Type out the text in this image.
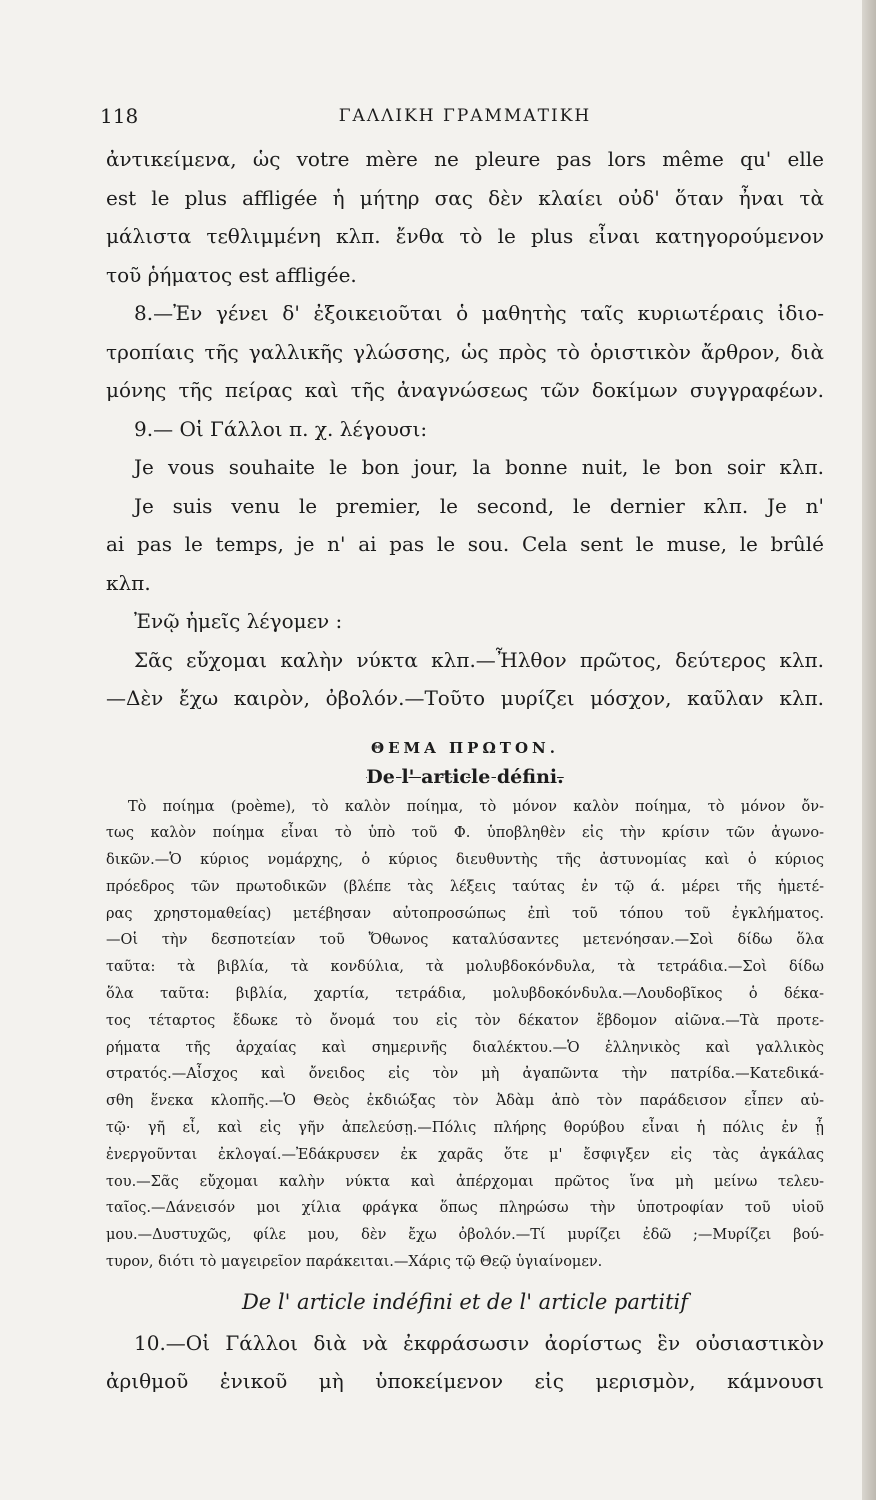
118	ΓΑΛΛΙΚΗ ΓΡΑΜΜΑΤΙΚΗ
ἀντικείμενα, ὡς votre mère ne pleure pas lors même qu' elle
est le plus affligée ἡ μήτηρ σας δὲν κλαίει οὐδ' ὅταν ἦναι τὰ
μάλιστα τεθλιμμένη κλπ. ἔνθα τὸ le plus εἶναι κατηγορούμενον
τοῦ ῥήματος est affligée.
8.—Ἐν γένει δ' ἐξοικειοῦται ὁ μαθητὴς ταῖς κυριωτέραις ἰδιο-
τροπίαις τῆς γαλλικῆς γλώσσης, ὡς πρὸς τὸ ὁριστικὸν ἄρθρον, διὰ
μόνης τῆς πείρας καὶ τῆς ἀναγνώσεως τῶν δοκίμων συγγραφέων.
9.— Οἱ Γάλλοι π. χ. λέγουσι:
Je vous souhaite le bon jour, la bonne nuit, le bon soir κλπ.
Je suis venu le premier, le second, le dernier κλπ. Je n'
ai pas le temps, je n' ai pas le sou. Cela sent le muse, le brûlé
κλπ.
Ἐνῷ ἡμεῖς λέγομεν :
Σᾶς εὔχομαι καλὴν νύκτα κλπ.—Ἦλθον πρῶτος, δεύτερος κλπ.
—Δὲν ἔχω καιρὸν, ὀβολόν.—Τοῦτο μυρίζει μόσχον, καῦλαν κλπ.
ΘΕΜΑ ΠΡΩΤΟΝ.
De l' article défini.
Τὸ ποίημα (poème), τὸ καλὸν ποίημα, τὸ μόνον καλὸν ποίημα, τὸ μόνον ὄν-
τως καλὸν ποίημα εἶναι τὸ ὑπὸ τοῦ Φ. ὑποβληθὲν εἰς τὴν κρίσιν τῶν ἀγωνο-
δικῶν.—Ὁ κύριος νομάρχης, ὁ κύριος διευθυντὴς τῆς ἀστυνομίας καὶ ὁ κύριος
πρόεδρος τῶν πρωτοδικῶν (βλέπε τὰς λέξεις ταύτας ἐν τῷ ά. μέρει τῆς ἡμετέ-
ρας χρηστομαθείας) μετέβησαν αὐτοπροσώπως ἐπὶ τοῦ τόπου τοῦ ἐγκλήματος.
—Οἱ τὴν δεσποτείαν τοῦ Ὄθωνος καταλύσαντες μετενόησαν.—Σοὶ δίδω ὅλα
ταῦτα: τὰ βιβλία, τὰ κονδύλια, τὰ μολυβδοκόνδυλα, τὰ τετράδια.—Σοὶ δίδω
ὅλα ταῦτα: βιβλία, χαρτία, τετράδια, μολυβδοκόνδυλα.—Λουδοβῖκος ὁ δέκα-
τος τέταρτος ἔδωκε τὸ ὄνομά του εἰς τὸν δέκατον ἕβδομον αἰῶνα.—Τὰ προτε-
ρήματα τῆς ἀρχαίας καὶ σημερινῆς διαλέκτου.—Ὁ ἑλληνικὸς καὶ γαλλικὸς
στρατός.—Αἶσχος καὶ ὄνειδος εἰς τὸν μὴ ἀγαπῶντα τὴν πατρίδα.—Κατεδικά-
σθη ἕνεκα κλοπῆς.—Ὁ Θεὸς ἐκδιώξας τὸν Ἀδὰμ ἀπὸ τὸν παράδεισον εἶπεν αὐ-
τῷ· γῆ εἶ, καὶ εἰς γῆν ἀπελεύσῃ.—Πόλις πλήρης θορύβου εἶναι ἡ πόλις ἐν ᾗ
ἐνεργοῦνται ἐκλογαί.—Ἐδάκρυσεν ἐκ χαρᾶς ὅτε μ' ἔσφιγξεν εἰς τὰς ἀγκάλας
του.—Σᾶς εὔχομαι καλὴν νύκτα καὶ ἀπέρχομαι πρῶτος ἵνα μὴ μείνω τελευ-
ταῖος.—Δάνεισόν μοι χίλια φράγκα ὅπως πληρώσω τὴν ὑποτροφίαν τοῦ υἱοῦ
μου.—Δυστυχῶς, φίλε μου, δὲν ἔχω ὀβολόν.—Τί μυρίζει ἐδῶ ;—Μυρίζει βού-
τυρον, διότι τὸ μαγειρεῖον παράκειται.—Χάρις τῷ Θεῷ ὑγιαίνομεν.
De l' article indéfini et de l' article partitif
10.—Οἱ Γάλλοι διὰ νὰ ἐκφράσωσιν ἀορίστως ἓν οὐσιαστικὸν
ἀριθμοῦ ἑνικοῦ μὴ ὑποκείμενον εἰς μερισμὸν, κάμνουσι
